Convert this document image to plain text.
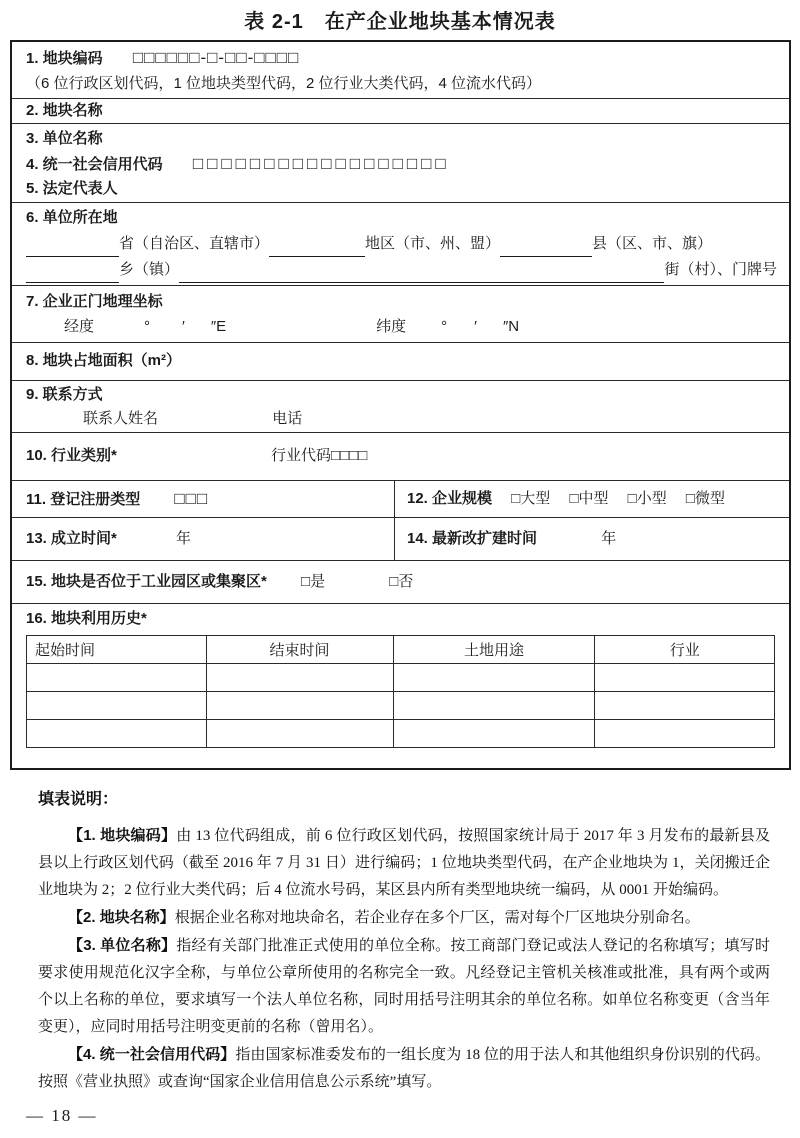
表 2-1　在产企业地块基本情况表
1. 地块编码 □□□□□□-□-□□-□□□□
（6 位行政区划代码，1 位地块类型代码，2 位行业大类代码，4 位流水代码）
2. 地块名称
3. 单位名称
4. 统一社会信用代码 □□□□□□□□□□□□□□□□□□
5. 法定代表人
6. 单位所在地
省（自治区、直辖市）	地区（市、州、盟）	县（区、市、旗）
乡（镇）	街（村）、门牌号
7. 企业正门地理坐标
经度	° ′ ″E	纬度 ° ′ ″N
8. 地块占地面积（m²）
9. 联系方式
联系人姓名	电话
10. 行业类别*	行业代码□□□□
11. 登记注册类型 □□□	12. 企业规模 □大型 □中型 □小型 □微型
13. 成立时间*	年	14. 最新改扩建时间	年
15. 地块是否位于工业园区或集聚区* □是	□否
16. 地块利用历史*
起始时间	结束时间	土地用途	行业

填表说明：

【1. 地块编码】由 13 位代码组成，前 6 位行政区划代码，按照国家统计局于 2017 年 3 月发布的最新县及县以上行政区划代码（截至 2016 年 7 月 31 日）进行编码；1 位地块类型代码，在产企业地块为 1，关闭搬迁企业地块为 2；2 位行业大类代码；后 4 位流水号码，某区县内所有类型地块统一编码，从 0001 开始编码。

【2. 地块名称】根据企业名称对地块命名，若企业存在多个厂区，需对每个厂区地块分别命名。

【3. 单位名称】指经有关部门批准正式使用的单位全称。按工商部门登记或法人登记的名称填写；填写时要求使用规范化汉字全称，与单位公章所使用的名称完全一致。凡经登记主管机关核准或批准，具有两个或两个以上名称的单位，要求填写一个法人单位名称，同时用括号注明其余的单位名称。如单位名称变更（含当年变更），应同时用括号注明变更前的名称（曾用名）。

【4. 统一社会信用代码】指由国家标准委发布的一组长度为 18 位的用于法人和其他组织身份识别的代码。按照《营业执照》或查询“国家企业信用信息公示系统”填写。

— 18 —
